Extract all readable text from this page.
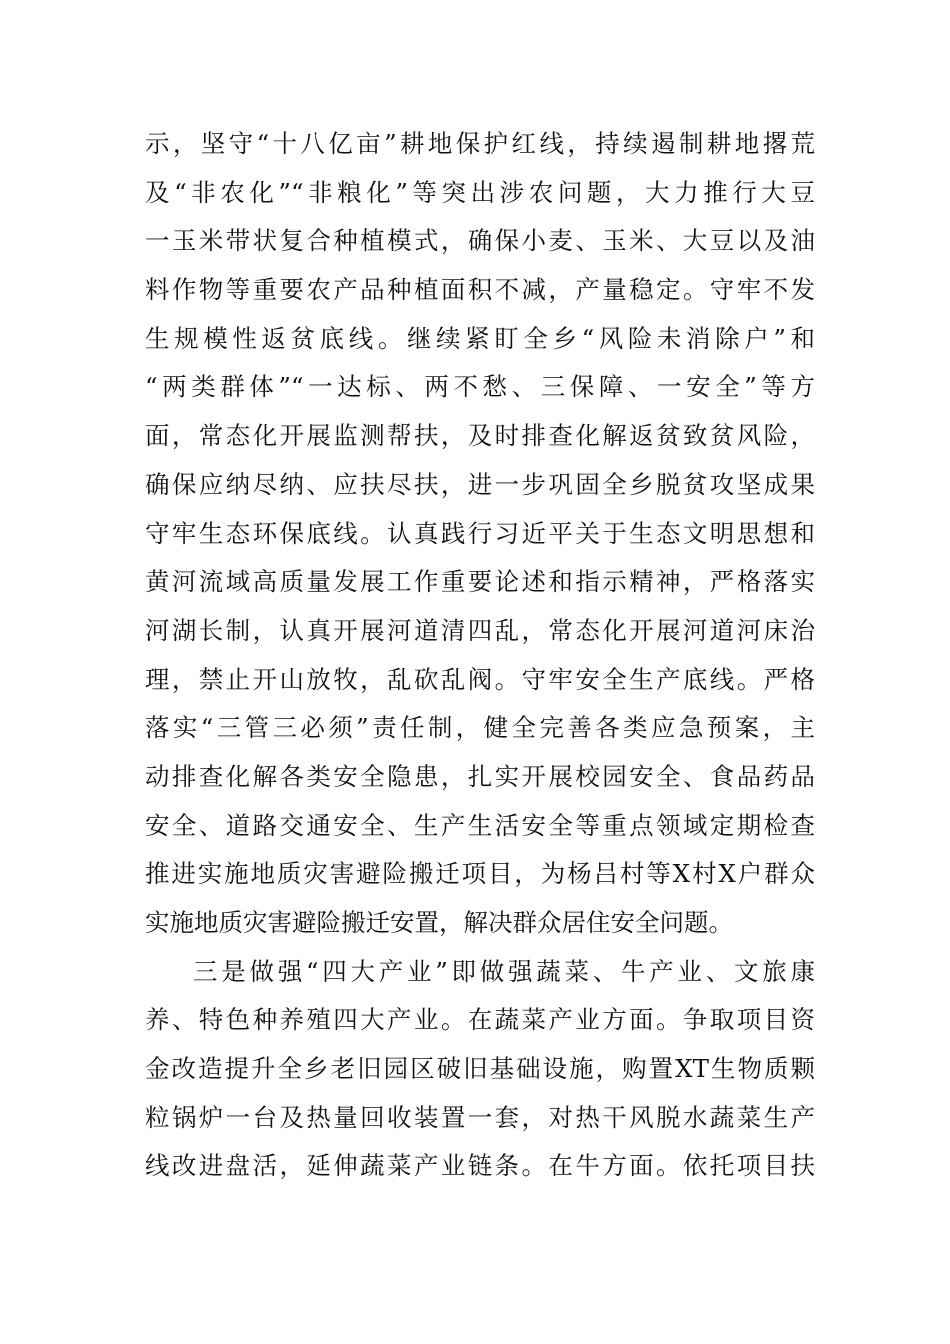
示，坚守“十八亿亩”耕地保护红线，持续遏制耕地撂荒
及“非农化”“非粮化”等突出涉农问题，大力推行大豆
一玉米带状复合种植模式，确保小麦、玉米、大豆以及油
料作物等重要农产品种植面积不减，产量稳定。守牢不发
生规模性返贫底线。继续紧盯全乡“风险未消除户”和
“两类群体”“一达标、两不愁、三保障、一安全”等方
面，常态化开展监测帮扶，及时排查化解返贫致贫风险，
确保应纳尽纳、应扶尽扶，进一步巩固全乡脱贫攻坚成果
守牢生态环保底线。认真践行习近平关于生态文明思想和
黄河流域高质量发展工作重要论述和指示精神，严格落实
河湖长制，认真开展河道清四乱，常态化开展河道河床治
理，禁止开山放牧，乱砍乱阀。守牢安全生产底线。严格
落实“三管三必须”责任制，健全完善各类应急预案，主
动排查化解各类安全隐患，扎实开展校园安全、食品药品
安全、道路交通安全、生产生活安全等重点领域定期检查
推进实施地质灾害避险搬迁项目，为杨吕村等X村X户群众
实施地质灾害避险搬迁安置，解决群众居住安全问题。
三是做强“四大产业”即做强蔬菜、牛产业、文旅康
养、特色种养殖四大产业。在蔬菜产业方面。争取项目资
金改造提升全乡老旧园区破旧基础设施，购置XT生物质颗
粒锅炉一台及热量回收装置一套，对热干风脱水蔬菜生产
线改进盘活，延伸蔬菜产业链条。在牛方面。依托项目扶
